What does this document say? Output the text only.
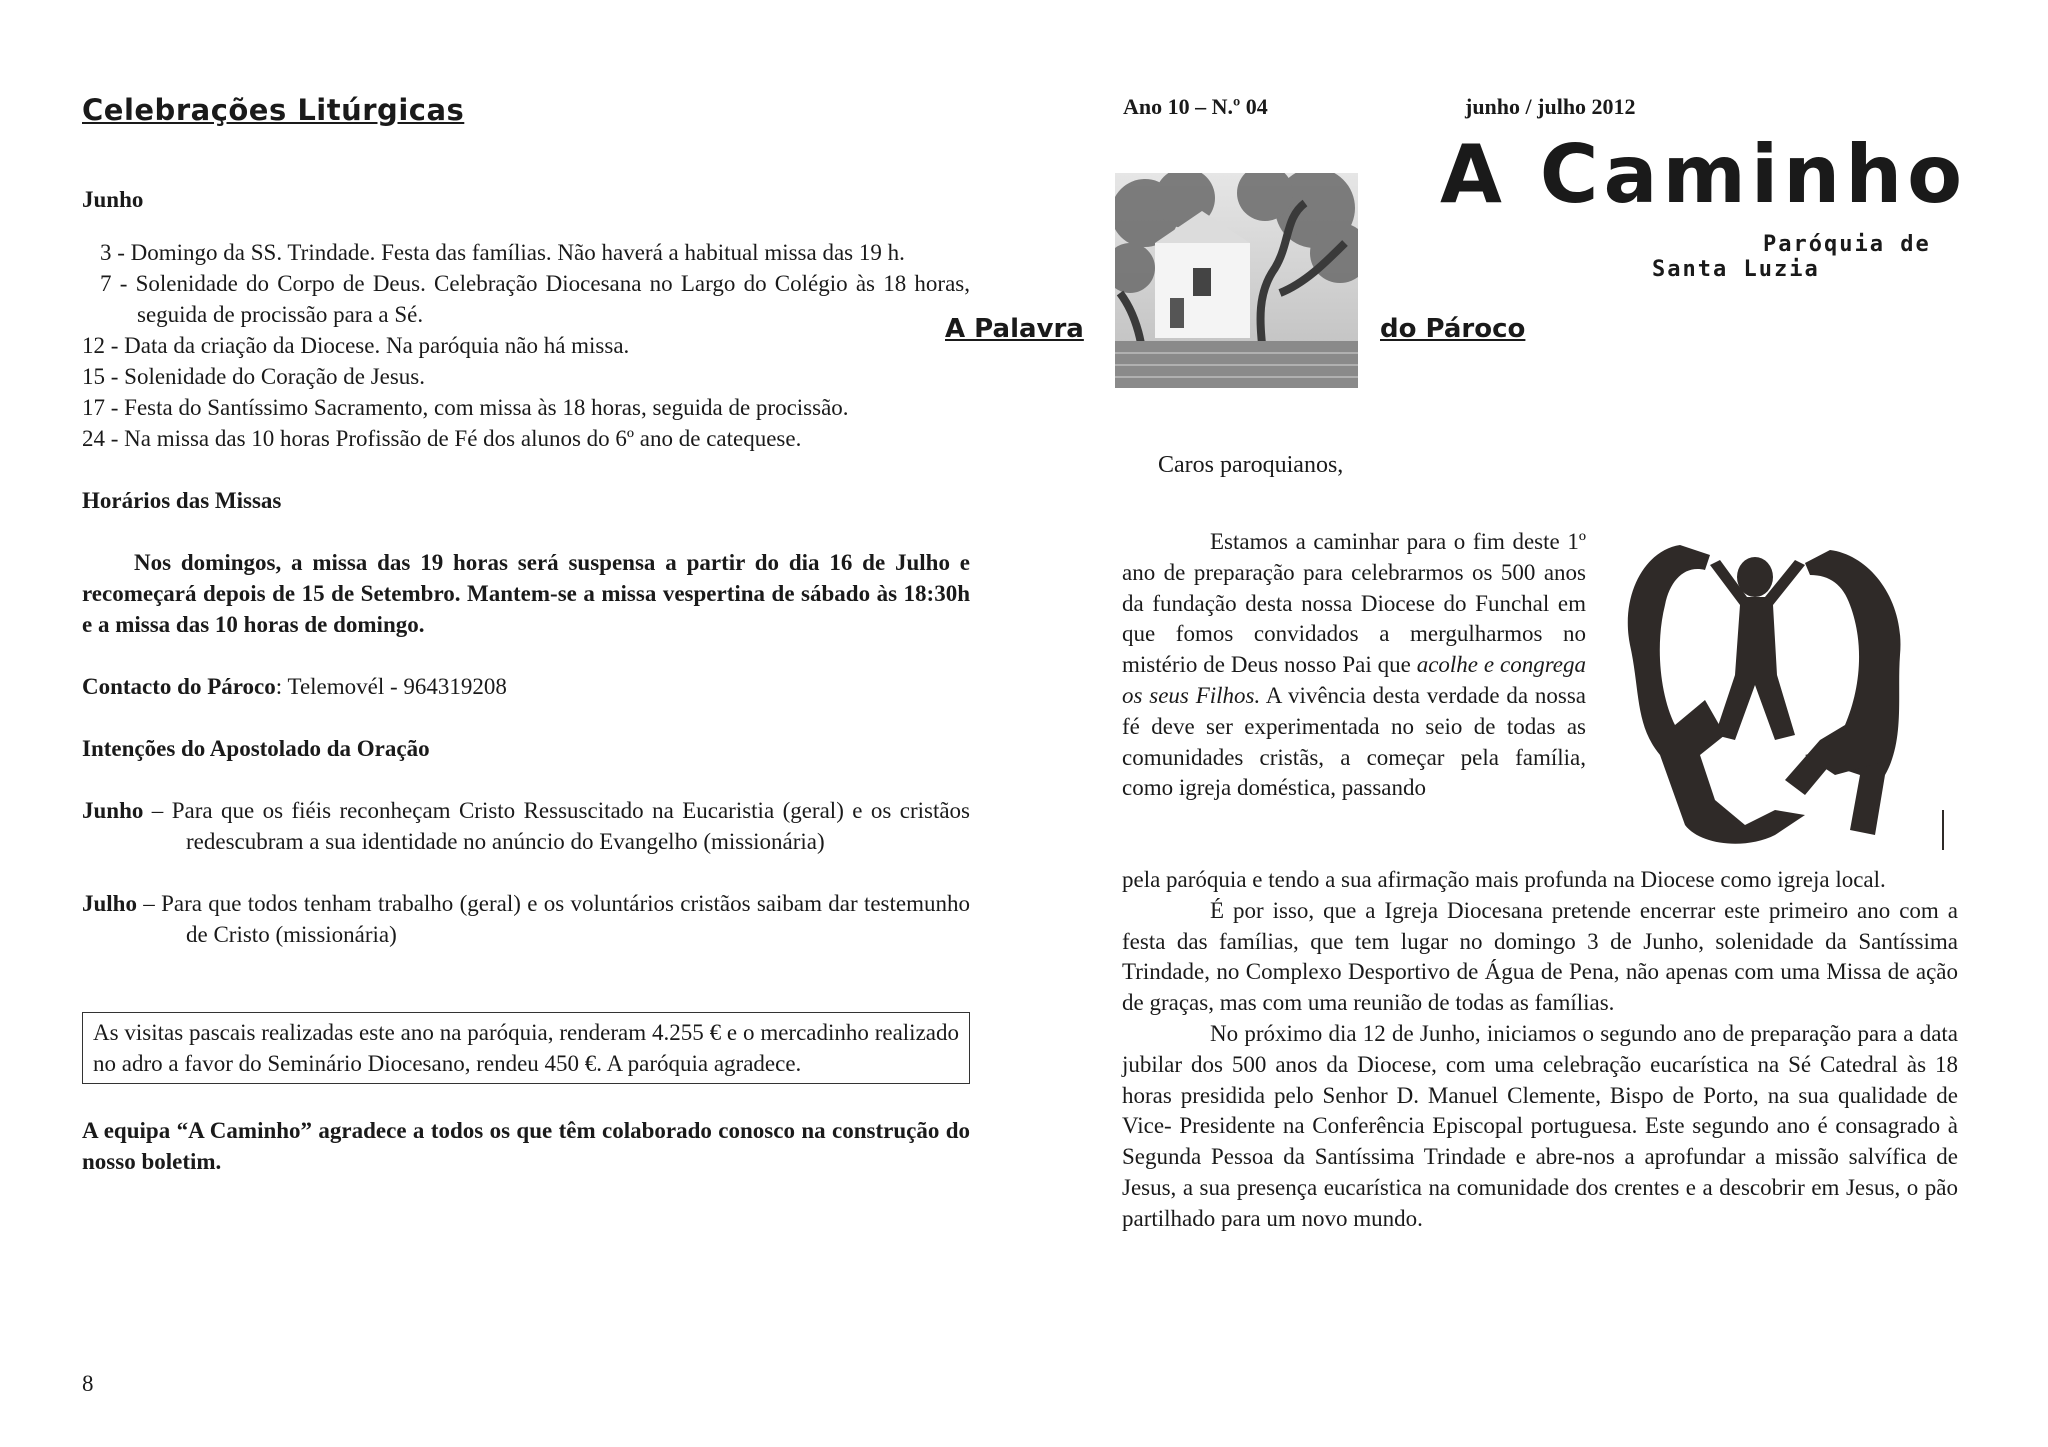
Celebrações Litúrgicas

Junho

3 - Domingo da SS. Trindade. Festa das famílias. Não haverá a habitual missa das 19 h.

7 - Solenidade do Corpo de Deus. Celebração Diocesana no Largo do Colégio às 18 horas, seguida de procissão para a Sé.

12 - Data da criação da Diocese. Na paróquia não há missa.

15 - Solenidade do Coração de Jesus.

17 - Festa do Santíssimo Sacramento, com missa às 18 horas, seguida de procissão.

24 - Na missa das 10 horas Profissão de Fé dos alunos do 6º ano de catequese.

Horários das Missas

Nos domingos, a missa das 19 horas será suspensa a partir do dia 16 de Julho e recomeçará depois de 15 de Setembro. Mantem-se a missa vespertina de sábado às 18:30h e a missa das 10 horas de domingo.

Contacto do Pároco: Telemovél - 964319208

Intenções do Apostolado da Oração

Junho – Para que os fiéis reconheçam Cristo Ressuscitado na Eucaristia (geral) e os cristãos redescubram a sua identidade no anúncio do Evangelho (missionária)

Julho – Para que todos tenham trabalho (geral) e os voluntários cristãos saibam dar testemunho de Cristo (missionária)

As visitas pascais realizadas este ano na paróquia, renderam 4.255 € e o mercadinho realizado no adro a favor do Seminário Diocesano, rendeu 450 €. A paróquia agradece.

A equipa “A Caminho” agradece a todos os que têm colaborado conosco na construção do nosso boletim.

8
Ano 10 – N.º 04	junho / julho 2012
A Caminho
Paróquia de
Santa Luzia
A Palavra	do Pároco
Caros paroquianos,

Estamos a caminhar para o fim deste 1º ano de preparação para celebrarmos os 500 anos da fundação desta nossa Diocese do Funchal em que fomos convidados a mergulharmos no mistério de Deus nosso Pai que acolhe e congrega os seus Filhos. A vivência desta verdade da nossa fé deve ser experimentada no seio de todas as comunidades cristãs, a começar pela família, como igreja doméstica, passando

pela paróquia e tendo a sua afirmação mais profunda na Diocese como igreja local.

É por isso, que a Igreja Diocesana pretende encerrar este primeiro ano com a festa das famílias, que tem lugar no domingo 3 de Junho, solenidade da Santíssima Trindade, no Complexo Desportivo de Água de Pena, não apenas com uma Missa de ação de graças, mas com uma reunião de todas as famílias.

No próximo dia 12 de Junho, iniciamos o segundo ano de preparação para a data jubilar dos 500 anos da Diocese, com uma celebração eucarística na Sé Catedral às 18 horas presidida pelo Senhor D. Manuel Clemente, Bispo de Porto, na sua qualidade de Vice- Presidente na Conferência Episcopal portuguesa. Este segundo ano é consagrado à Segunda Pessoa da Santíssima Trindade e abre-nos a aprofundar a missão salvífica de Jesus, a sua presença eucarística na comunidade dos crentes e a descobrir em Jesus, o pão partilhado para um novo mundo.
